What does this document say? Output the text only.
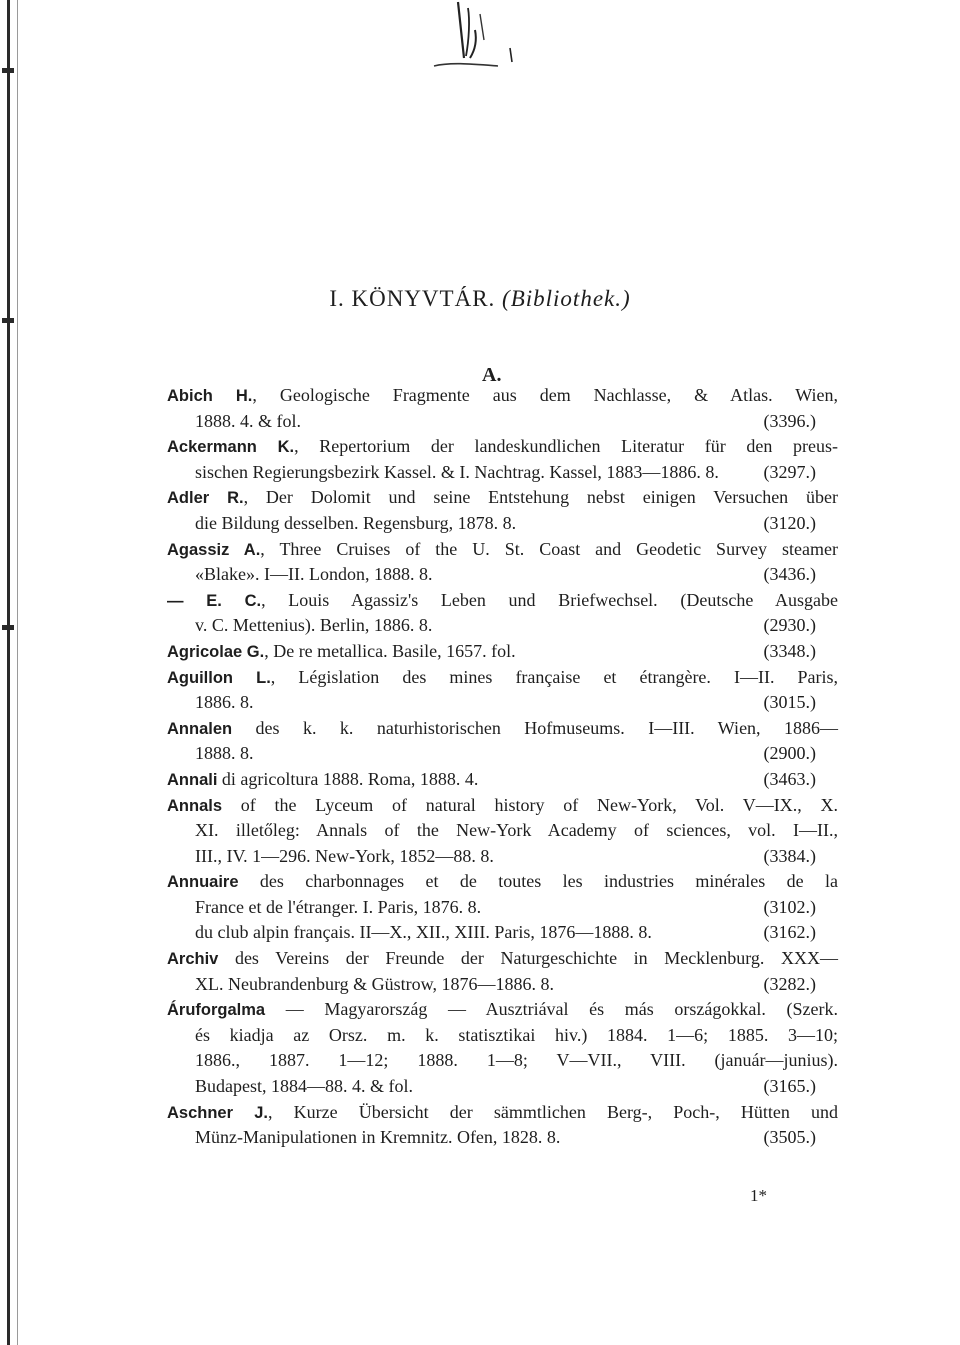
I. KÖNYVTÁR. (Bibliothek.)
A.
Abich H., Geologische Fragmente aus dem Nachlasse, & Atlas. Wien,
1888. 4. & fol.	(3396.)
Ackermann K., Repertorium der landeskundlichen Literatur für den preus-
sischen Regierungsbezirk Kassel. & I. Nachtrag. Kassel, 1883—1886. 8. (3297.)
Adler R., Der Dolomit und seine Entstehung nebst einigen Versuchen über
die Bildung desselben. Regensburg, 1878. 8.	(3120.)
Agassiz A., Three Cruises of the U. St. Coast and Geodetic Survey steamer
«Blake». I—II. London, 1888. 8.	(3436.)
— E. C., Louis Agassiz's Leben und Briefwechsel. (Deutsche Ausgabe
v. C. Mettenius). Berlin, 1886. 8.	(2930.)
Agricolae G., De re metallica. Basile, 1657. fol.	(3348.)
Aguillon L., Législation des mines française et étrangère. I—II. Paris,
1886. 8.	(3015.)
Annalen des k. k. naturhistorischen Hofmuseums. I—III. Wien, 1886—
1888. 8.	(2900.)
Annali di agricoltura 1888. Roma, 1888. 4.	(3463.)
Annals of the Lyceum of natural history of New-York, Vol. V—IX., X.
XI. illetőleg: Annals of the New-York Academy of sciences, vol. I—II.,
III., IV. 1—296. New-York, 1852—88. 8.	(3384.)
Annuaire des charbonnages et de toutes les industries minérales de la
France et de l'étranger. I. Paris, 1876. 8.	(3102.)
du club alpin français. II—X., XII., XIII. Paris, 1876—1888. 8.	(3162.)
Archiv des Vereins der Freunde der Naturgeschichte in Mecklenburg. XXX—
XL. Neubrandenburg & Güstrow, 1876—1886. 8.	(3282.)
Áruforgalma — Magyarország — Ausztriával és más országokkal. (Szerk.
és kiadja az Orsz. m. k. statisztikai hiv.) 1884. 1—6; 1885. 3—10;
1886., 1887. 1—12; 1888. 1—8; V—VII., VIII. (január—junius).
Budapest, 1884—88. 4. & fol.	(3165.)
Aschner J., Kurze Übersicht der sämmtlichen Berg-, Poch-, Hütten und
Münz-Manipulationen in Kremnitz. Ofen, 1828. 8.	(3505.)
1*
